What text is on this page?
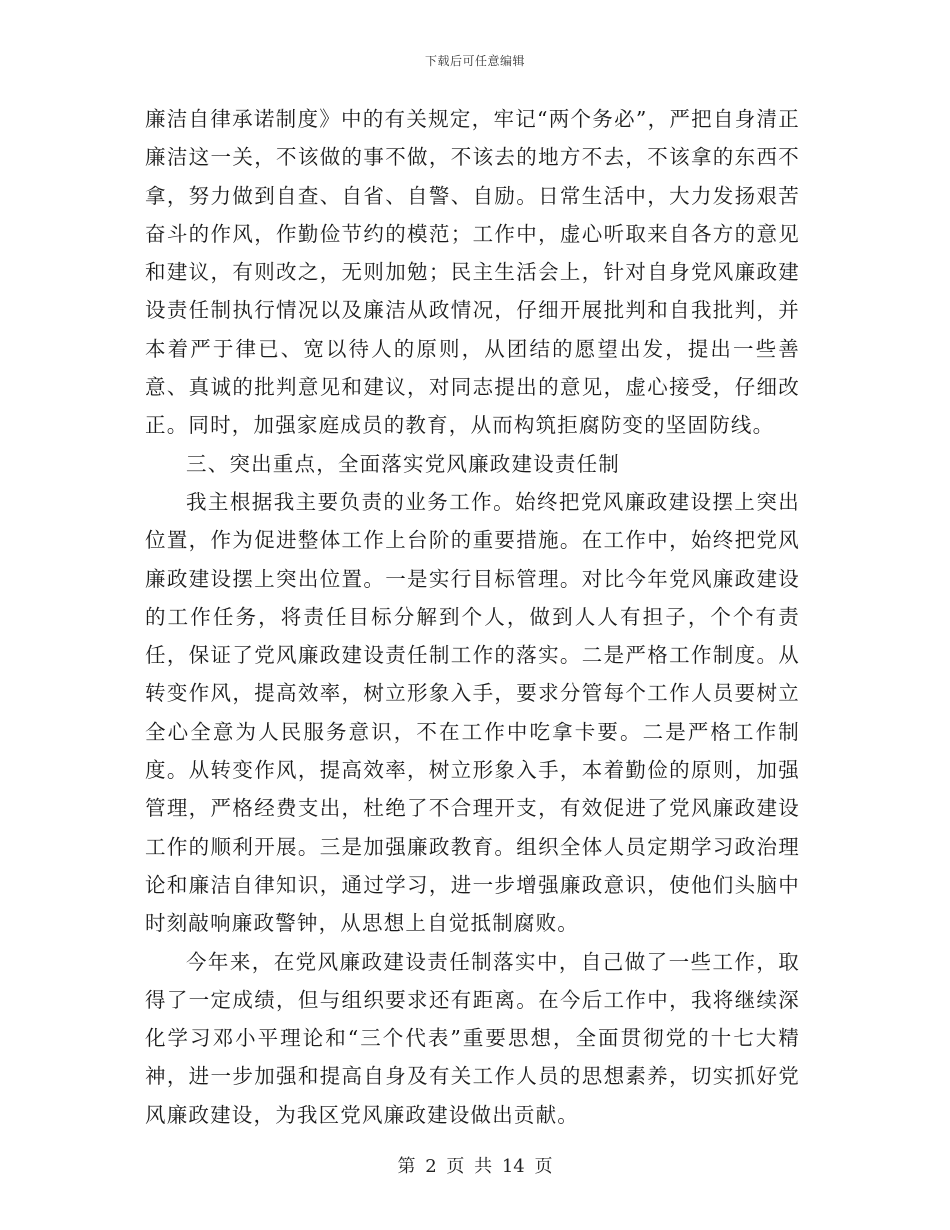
下载后可任意编辑

廉洁自律承诺制度》中的有关规定，牢记“两个务必”，严把自身清正廉洁这一关，不该做的事不做，不该去的地方不去，不该拿的东西不拿，努力做到自查、自省、自警、自励。日常生活中，大力发扬艰苦奋斗的作风，作勤俭节约的模范；工作中，虚心听取来自各方的意见和建议，有则改之，无则加勉；民主生活会上，针对自身党风廉政建设责任制执行情况以及廉洁从政情况，仔细开展批判和自我批判，并本着严于律已、宽以待人的原则，从团结的愿望出发，提出一些善意、真诚的批判意见和建议，对同志提出的意见，虚心接受，仔细改正。同时，加强家庭成员的教育，从而构筑拒腐防变的坚固防线。

三、突出重点，全面落实党风廉政建设责任制

我主根据我主要负责的业务工作。始终把党风廉政建设摆上突出位置，作为促进整体工作上台阶的重要措施。在工作中，始终把党风廉政建设摆上突出位置。一是实行目标管理。对比今年党风廉政建设的工作任务，将责任目标分解到个人，做到人人有担子，个个有责任，保证了党风廉政建设责任制工作的落实。二是严格工作制度。从转变作风，提高效率，树立形象入手，要求分管每个工作人员要树立全心全意为人民服务意识，不在工作中吃拿卡要。二是严格工作制度。从转变作风，提高效率，树立形象入手，本着勤俭的原则，加强管理，严格经费支出，杜绝了不合理开支，有效促进了党风廉政建设工作的顺利开展。三是加强廉政教育。组织全体人员定期学习政治理论和廉洁自律知识，通过学习，进一步增强廉政意识，使他们头脑中时刻敲响廉政警钟，从思想上自觉抵制腐败。

今年来，在党风廉政建设责任制落实中，自己做了一些工作，取得了一定成绩，但与组织要求还有距离。在今后工作中，我将继续深化学习邓小平理论和“三个代表”重要思想，全面贯彻党的十七大精神，进一步加强和提高自身及有关工作人员的思想素养，切实抓好党风廉政建设，为我区党风廉政建设做出贡献。

第 2 页 共 14 页
